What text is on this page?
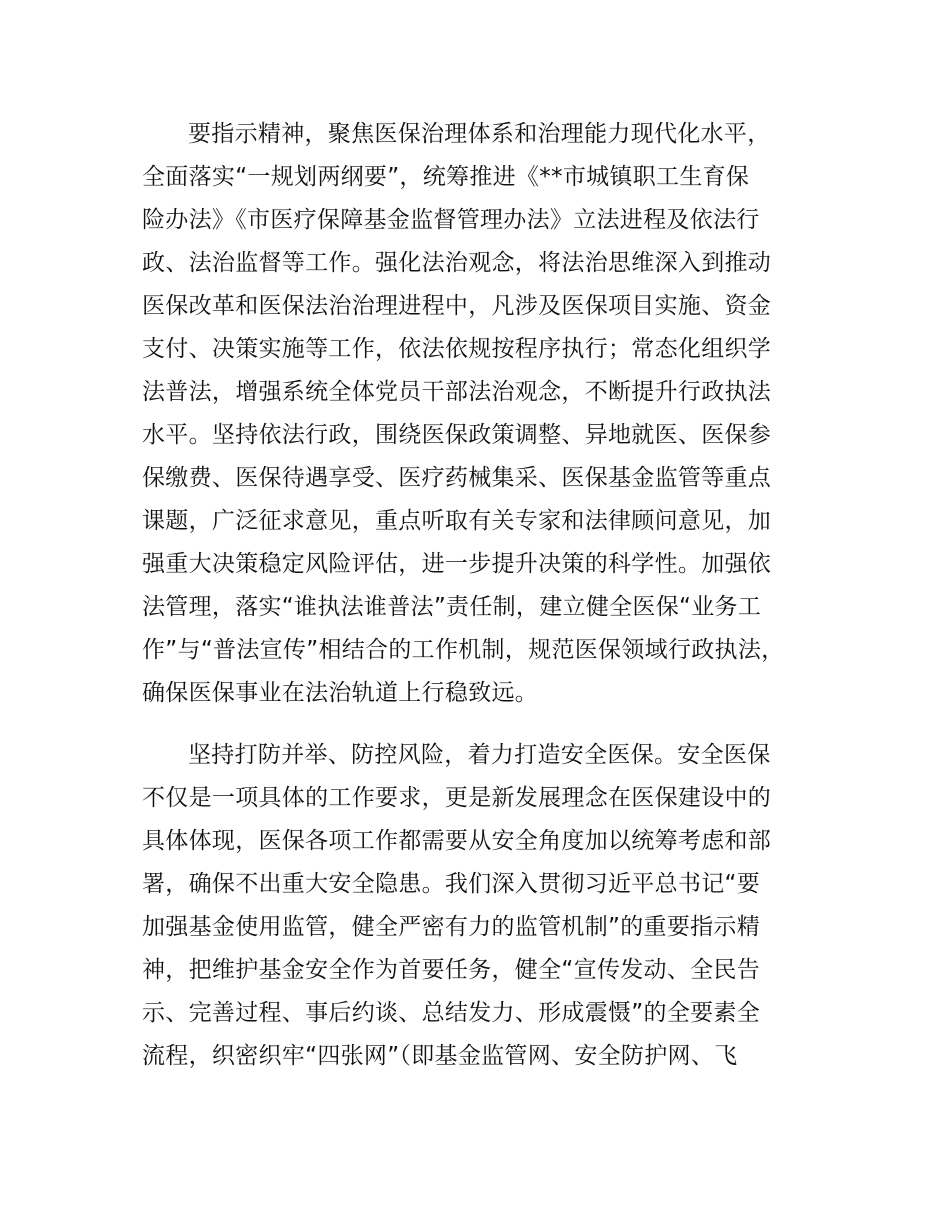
要指示精神，聚焦医保治理体系和治理能力现代化水平，
全面落实“一规划两纲要”，统筹推进《**市城镇职工生育保
险办法》《市医疗保障基金监督管理办法》立法进程及依法行
政、法治监督等工作。强化法治观念，将法治思维深入到推动
医保改革和医保法治治理进程中，凡涉及医保项目实施、资金
支付、决策实施等工作，依法依规按程序执行；常态化组织学
法普法，增强系统全体党员干部法治观念，不断提升行政执法
水平。坚持依法行政，围绕医保政策调整、异地就医、医保参
保缴费、医保待遇享受、医疗药械集采、医保基金监管等重点
课题，广泛征求意见，重点听取有关专家和法律顾问意见，加
强重大决策稳定风险评估，进一步提升决策的科学性。加强依
法管理，落实“谁执法谁普法”责任制，建立健全医保“业务工
作”与“普法宣传”相结合的工作机制，规范医保领域行政执法，
确保医保事业在法治轨道上行稳致远。
坚持打防并举、防控风险，着力打造安全医保。安全医保
不仅是一项具体的工作要求，更是新发展理念在医保建设中的
具体体现，医保各项工作都需要从安全角度加以统筹考虑和部
署，确保不出重大安全隐患。我们深入贯彻习近平总书记“要
加强基金使用监管，健全严密有力的监管机制”的重要指示精
神，把维护基金安全作为首要任务，健全“宣传发动、全民告
示、完善过程、事后约谈、总结发力、形成震慑”的全要素全
流程，织密织牢“四张网”（即基金监管网、安全防护网、飞
